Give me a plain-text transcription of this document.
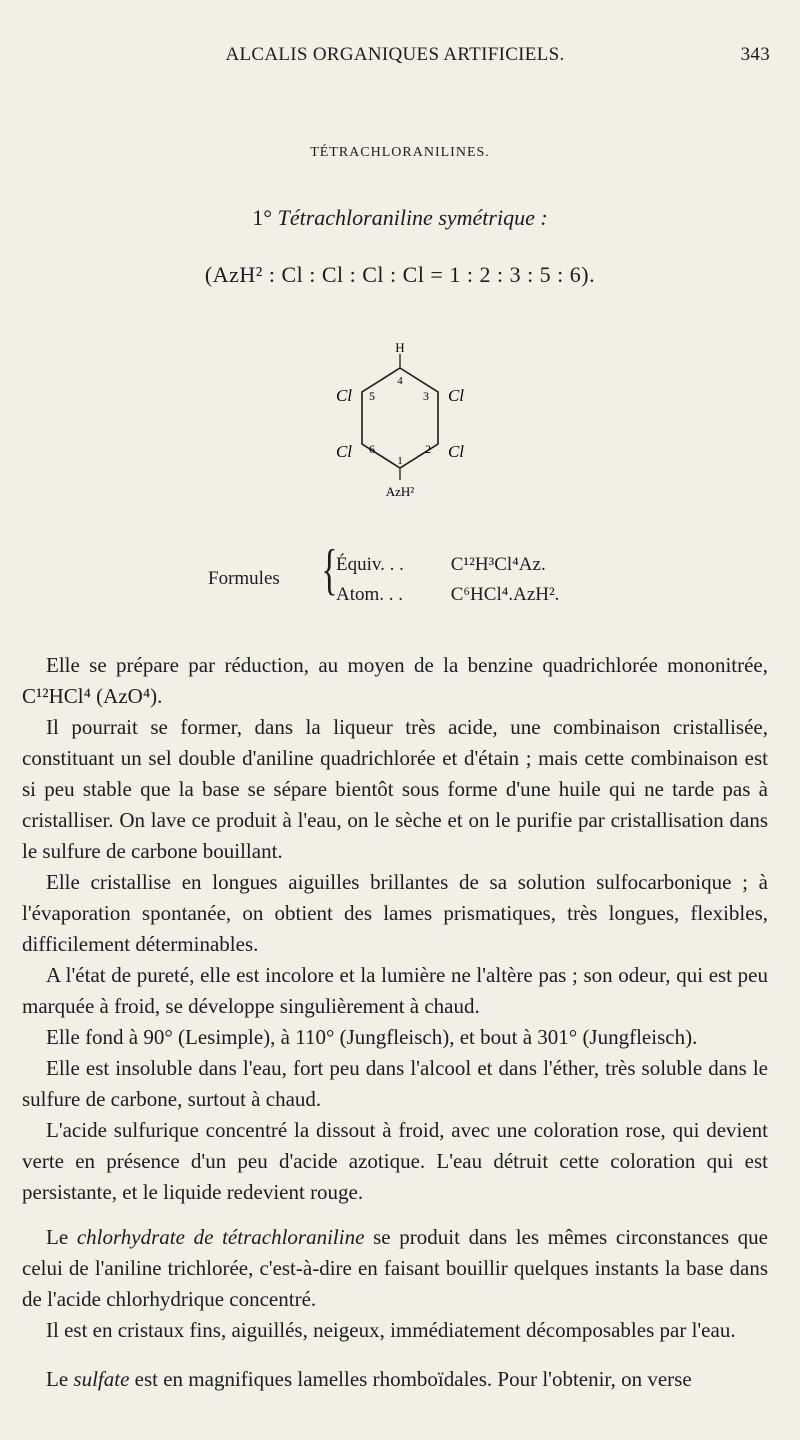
ALCALIS ORGANIQUES ARTIFICIELS.	343
TÉTRACHLORANILINES.
1° Tétrachloraniline symétrique :
(AzH² : Cl : Cl : Cl : Cl = 1 : 2 : 3 : 5 : 6).
H
AzH²
Cl
Cl
Cl
Cl
4
3
5
6	2
1
Formules {
Équiv. . . C¹²H³Cl⁴Az.
Atom. . .	C⁶HCl⁴.AzH².

Elle se prépare par réduction, au moyen de la benzine quadrichlorée mononitrée, C¹²HCl⁴ (AzO⁴).

Il pourrait se former, dans la liqueur très acide, une combinaison cristallisée, constituant un sel double d'aniline quadrichlorée et d'étain ; mais cette combinaison est si peu stable que la base se sépare bientôt sous forme d'une huile qui ne tarde pas à cristalliser. On lave ce produit à l'eau, on le sèche et on le purifie par cristallisation dans le sulfure de carbone bouillant.

Elle cristallise en longues aiguilles brillantes de sa solution sulfocarbonique ; à l'évaporation spontanée, on obtient des lames prismatiques, très longues, flexibles, difficilement déterminables.

A l'état de pureté, elle est incolore et la lumière ne l'altère pas ; son odeur, qui est peu marquée à froid, se développe singulièrement à chaud.

Elle fond à 90° (Lesimple), à 110° (Jungfleisch), et bout à 301° (Jungfleisch).

Elle est insoluble dans l'eau, fort peu dans l'alcool et dans l'éther, très soluble dans le sulfure de carbone, surtout à chaud.

L'acide sulfurique concentré la dissout à froid, avec une coloration rose, qui devient verte en présence d'un peu d'acide azotique. L'eau détruit cette coloration qui est persistante, et le liquide redevient rouge.

Le chlorhydrate de tétrachloraniline se produit dans les mêmes circonstances que celui de l'aniline trichlorée, c'est-à-dire en faisant bouillir quelques instants la base dans de l'acide chlorhydrique concentré.

Il est en cristaux fins, aiguillés, neigeux, immédiatement décomposables par l'eau.

Le sulfate est en magnifiques lamelles rhomboïdales. Pour l'obtenir, on verse
